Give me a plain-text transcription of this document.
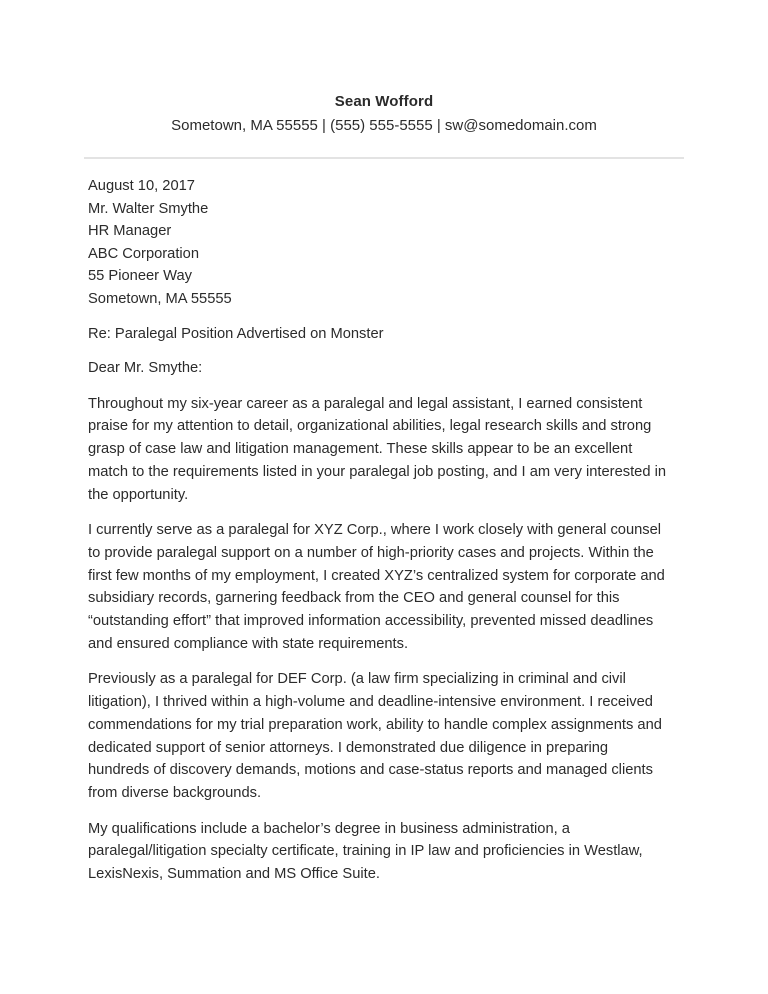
Sean Wofford
Sometown, MA 55555 | (555) 555-5555 | sw@somedomain.com
August 10, 2017
Mr. Walter Smythe
HR Manager
ABC Corporation
55 Pioneer Way
Sometown, MA 55555
Re: Paralegal Position Advertised on Monster
Dear Mr. Smythe:
Throughout my six-year career as a paralegal and legal assistant, I earned consistent praise for my attention to detail, organizational abilities, legal research skills and strong grasp of case law and litigation management. These skills appear to be an excellent match to the requirements listed in your paralegal job posting, and I am very interested in the opportunity.
I currently serve as a paralegal for XYZ Corp., where I work closely with general counsel to provide paralegal support on a number of high-priority cases and projects. Within the first few months of my employment, I created XYZ’s centralized system for corporate and subsidiary records, garnering feedback from the CEO and general counsel for this “outstanding effort” that improved information accessibility, prevented missed deadlines and ensured compliance with state requirements.
Previously as a paralegal for DEF Corp. (a law firm specializing in criminal and civil litigation), I thrived within a high-volume and deadline-intensive environment. I received commendations for my trial preparation work, ability to handle complex assignments and dedicated support of senior attorneys. I demonstrated due diligence in preparing hundreds of discovery demands, motions and case-status reports and managed clients from diverse backgrounds.
My qualifications include a bachelor’s degree in business administration, a paralegal/litigation specialty certificate, training in IP law and proficiencies in Westlaw, LexisNexis, Summation and MS Office Suite.
